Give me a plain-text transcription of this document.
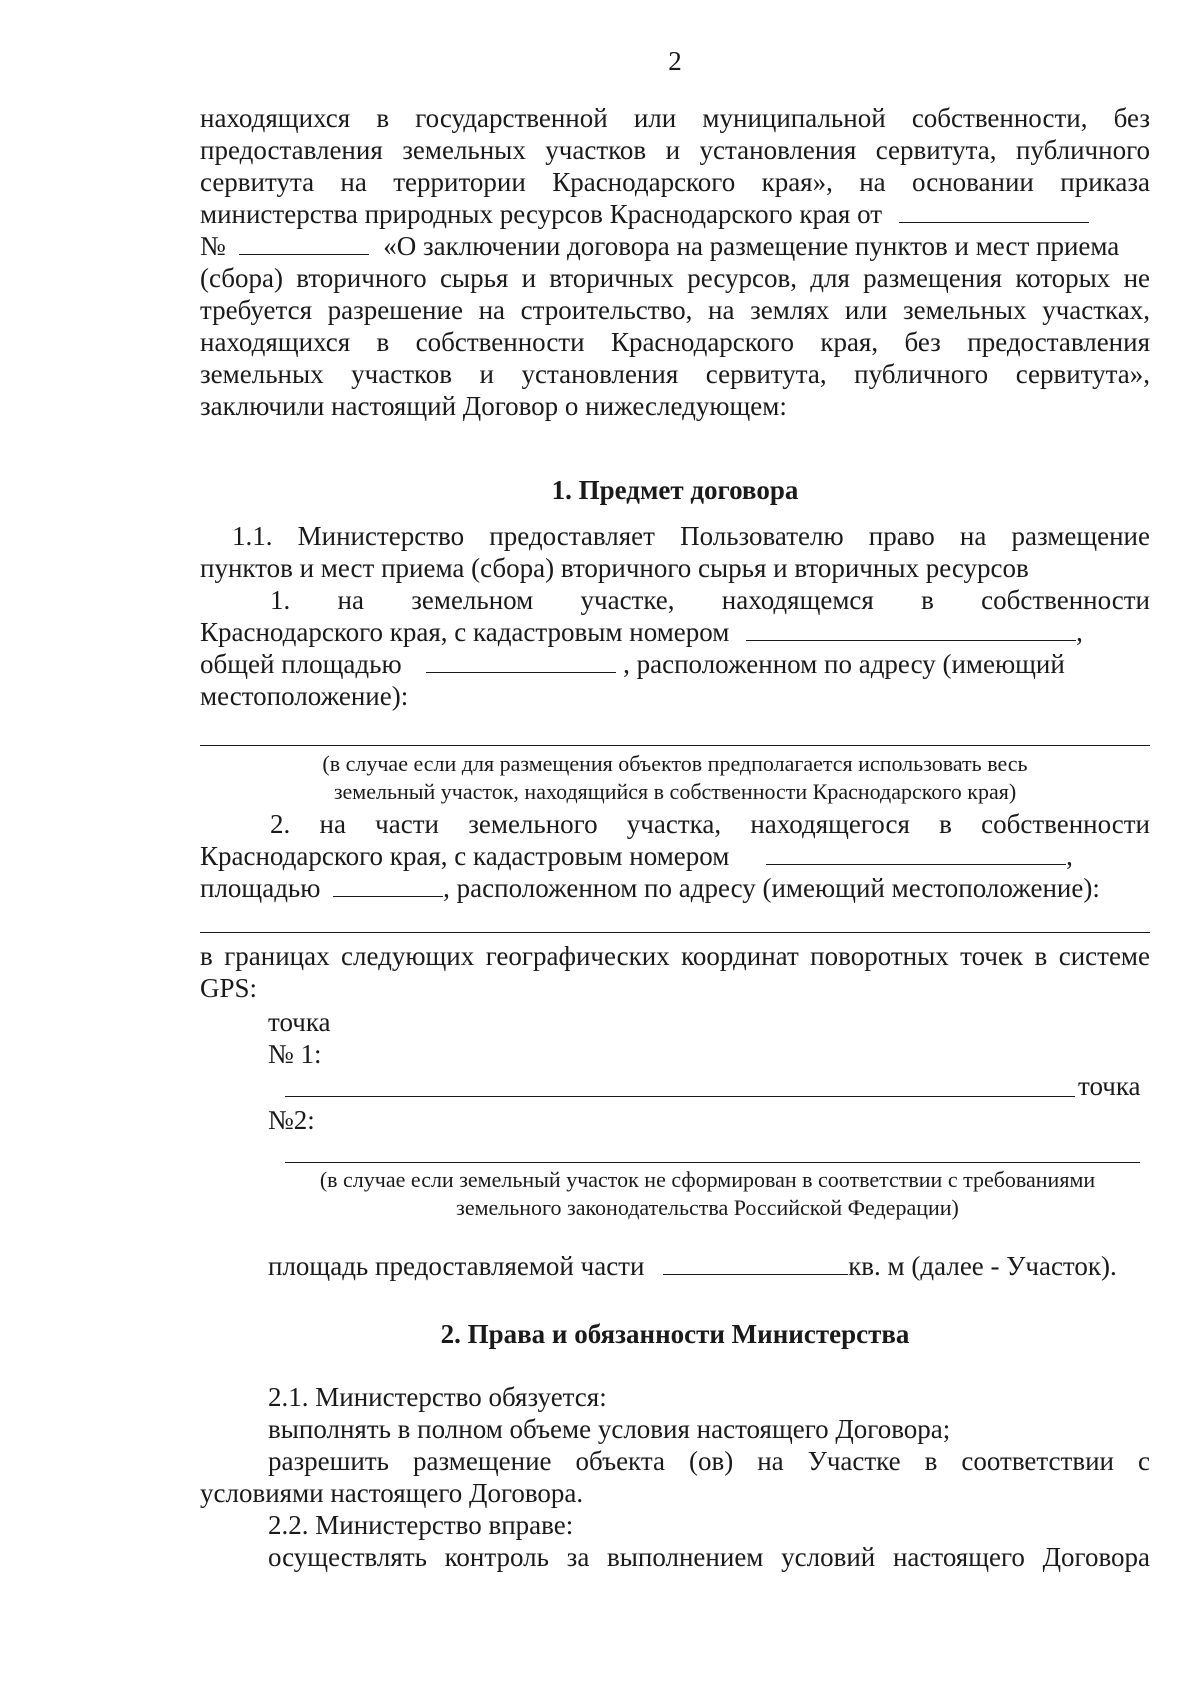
2
находящихся в государственной или муниципальной собственности, без
предоставления земельных участков и установления сервитута, публичного
сервитута на территории Краснодарского края», на основании приказа
министерства природных ресурсов Краснодарского края от
№	«О заключении договора на размещение пунктов и мест приема
(сбора) вторичного сырья и вторичных ресурсов, для размещения которых не
требуется разрешение на строительство, на землях или земельных участках,
находящихся в собственности Краснодарского края, без предоставления
земельных участков и установления сервитута, публичного сервитута»,
заключили настоящий Договор о нижеследующем:
1. Предмет договора
1.1. Министерство предоставляет Пользователю право на размещение
пунктов и мест приема (сбора) вторичного сырья и вторичных ресурсов
1. на земельном участке, находящемся в собственности
Краснодарского края, с кадастровым номером	,
общей площадью	, расположенном по адресу (имеющий
местоположение):
(в случае если для размещения объектов предполагается использовать весь
земельный участок, находящийся в собственности Краснодарского края)
2. на части земельного участка, находящегося в собственности
Краснодарского края, с кадастровым номером	,
площадью	, расположенном по адресу (имеющий местоположение):
в границах следующих географических координат поворотных точек в системе
GPS:
точка
№ 1:
точка
№2:
(в случае если земельный участок не сформирован в соответствии с требованиями
земельного законодательства Российской Федерации)
площадь предоставляемой части	кв. м (далее - Участок).
2. Права и обязанности Министерства
2.1. Министерство обязуется:
выполнять в полном объеме условия настоящего Договора;
разрешить размещение объекта (ов) на Участке в соответствии с
условиями настоящего Договора.
2.2. Министерство вправе:
осуществлять контроль за выполнением условий настоящего Договора
